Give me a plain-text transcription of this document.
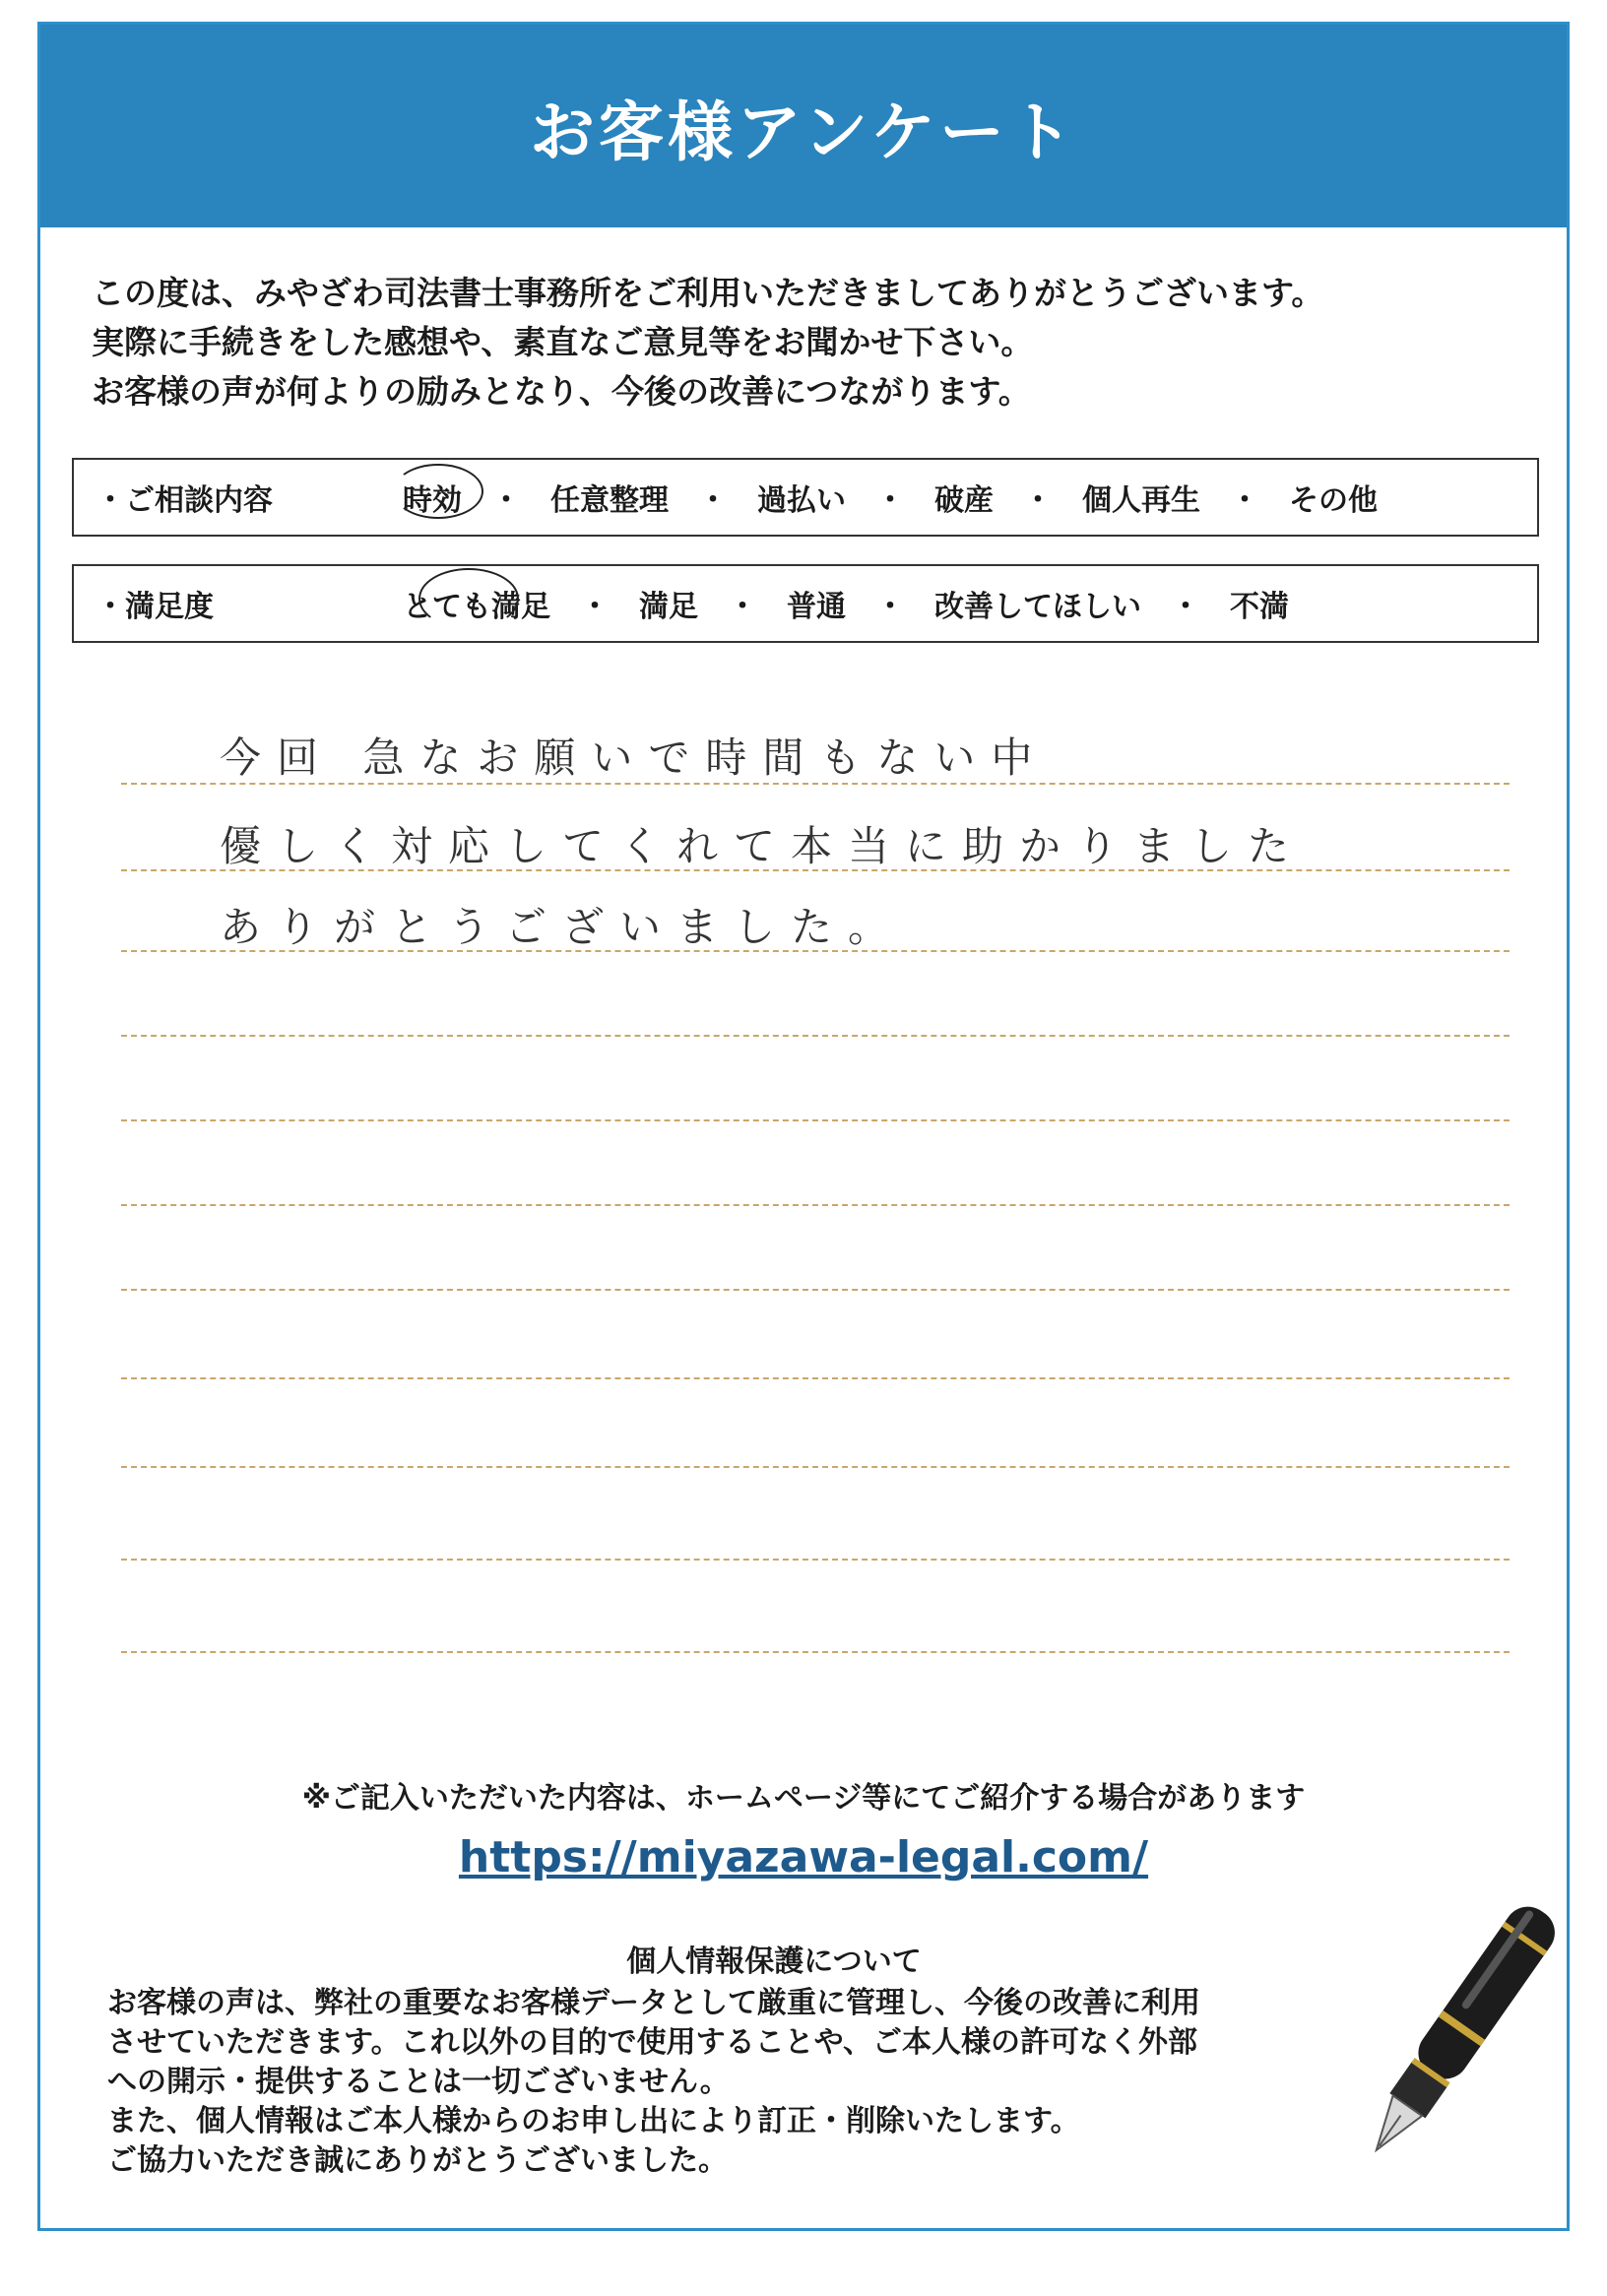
お客様アンケート

この度は、みやざわ司法書士事務所をご利用いただきましてありがとうございます。

実際に手続きをした感想や、素直なご意見等をお聞かせ下さい。

お客様の声が何よりの励みとなり、今後の改善につながります。

・ご相談内容	時効 ・ 任意整理 ・ 過払い ・ 破産 ・ 個人再生 ・ その他
・満足度	とても満足 ・ 満足 ・ 普通 ・ 改善してほしい ・ 不満
今回 急なお願いで時間もない中
優しく対応してくれて本当に助かりました
ありがとうございました。
※ご記入いただいた内容は、ホームページ等にてご紹介する場合があります
https://miyazawa-legal.com/
個人情報保護について

お客様の声は、弊社の重要なお客様データとして厳重に管理し、今後の改善に利用

させていただきます。これ以外の目的で使用することや、ご本人様の許可なく外部

への開示・提供することは一切ございません。

また、個人情報はご本人様からのお申し出により訂正・削除いたします。

ご協力いただき誠にありがとうございました。
